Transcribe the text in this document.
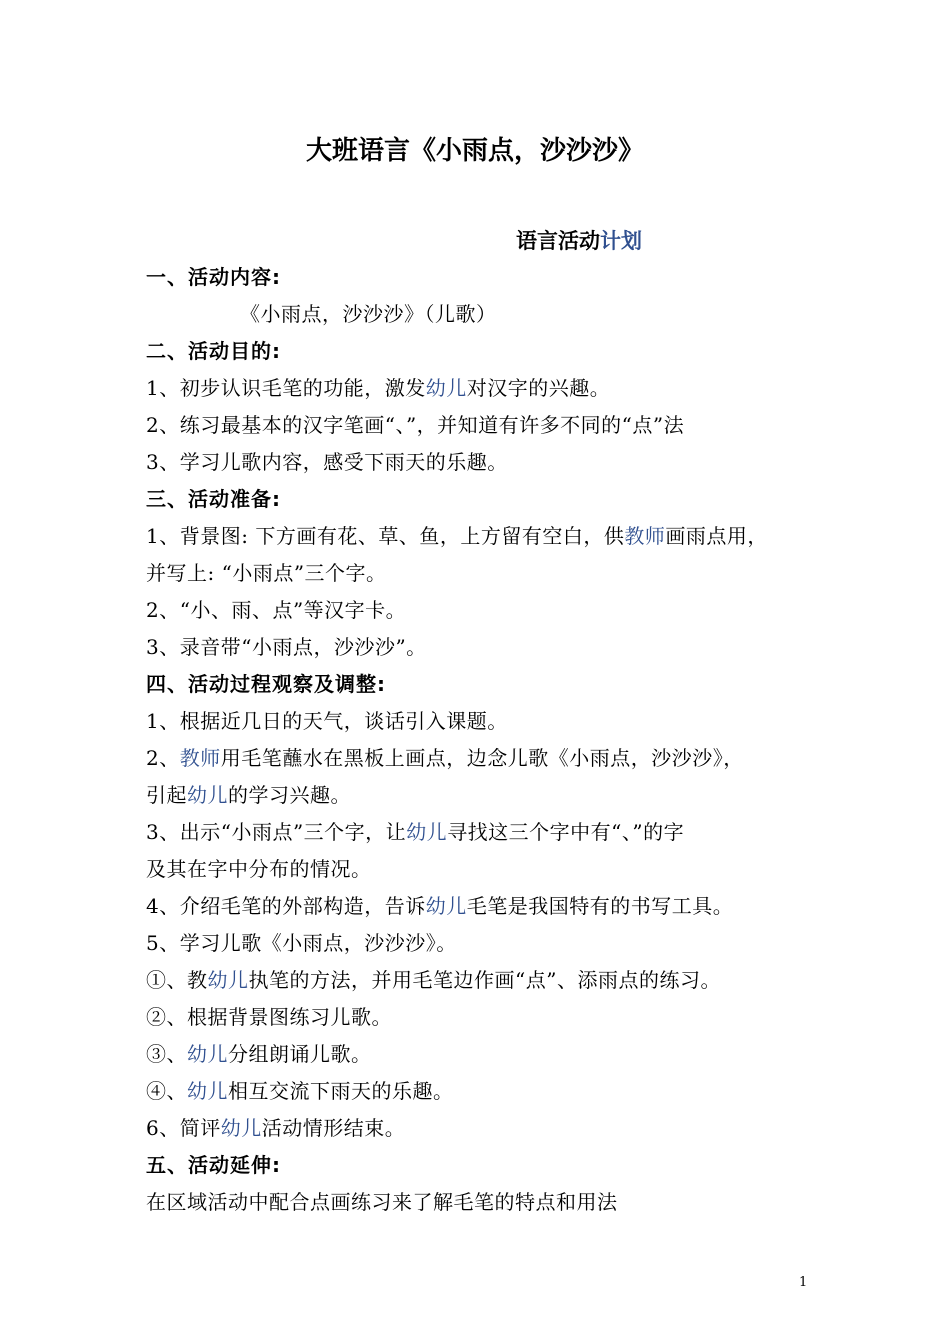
大班语言《小雨点，沙沙沙》
语言活动计划
一、活动内容:
《小雨点，沙沙沙》（儿歌）
二、活动目的:
1、初步认识毛笔的功能，激发幼儿对汉字的兴趣。
2、练习最基本的汉字笔画“、”，并知道有许多不同的“点”法
3、学习儿歌内容，感受下雨天的乐趣。
三、活动准备:
1、背景图: 下方画有花、草、鱼，上方留有空白，供教师画雨点用，
并写上: “小雨点”三个字。
2、“小、雨、点”等汉字卡。
3、录音带“小雨点，沙沙沙”。
四、活动过程观察及调整:
1、根据近几日的天气，谈话引入课题。
2、教师用毛笔蘸水在黑板上画点，边念儿歌《小雨点，沙沙沙》，
引起幼儿的学习兴趣。
3、出示“小雨点”三个字，让幼儿寻找这三个字中有“、”的字
及其在字中分布的情况。
4、介绍毛笔的外部构造，告诉幼儿毛笔是我国特有的书写工具。
5、学习儿歌《小雨点，沙沙沙》。
①、教幼儿执笔的方法，并用毛笔边作画“点”、添雨点的练习。
②、根据背景图练习儿歌。
③、幼儿分组朗诵儿歌。
④、幼儿相互交流下雨天的乐趣。
6、简评幼儿活动情形结束。
五、活动延伸:
在区域活动中配合点画练习来了解毛笔的特点和用法
1
